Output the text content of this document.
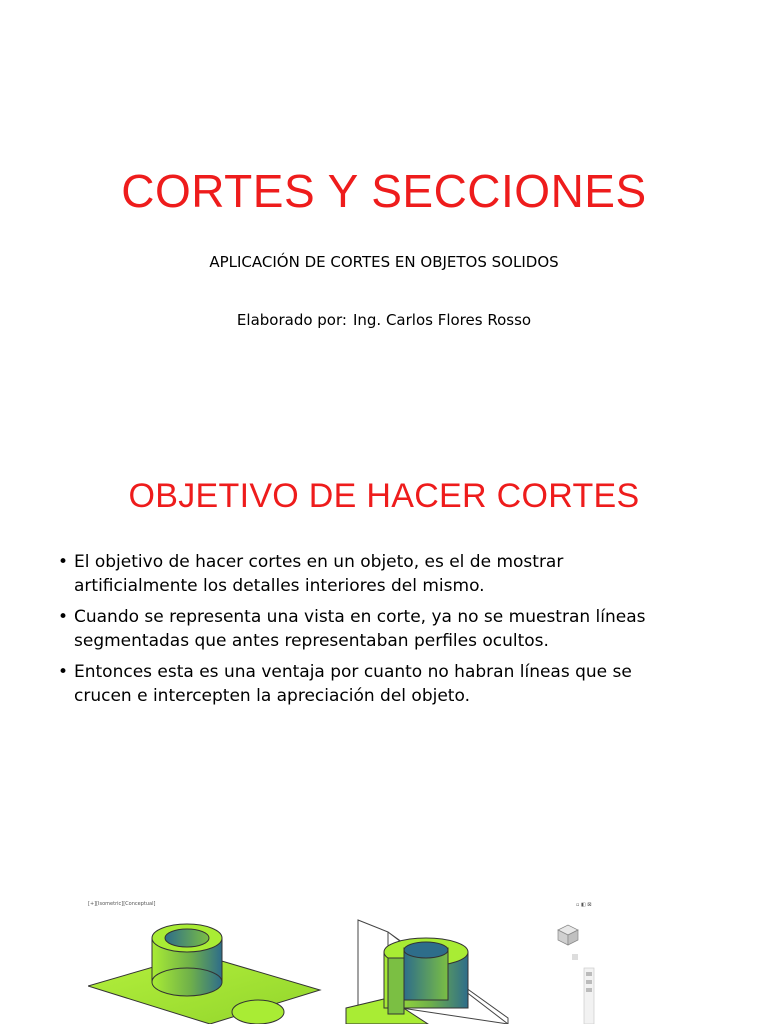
CORTES Y SECCIONES

APLICACIÓN DE CORTES EN OBJETOS SOLIDOS

Elaborado por: Ing. Carlos Flores Rosso

OBJETIVO DE HACER CORTES
• El objetivo de hacer cortes en un objeto, es el de mostrar
artificialmente los detalles interiores del mismo.
• Cuando se representa una vista en corte, ya no se muestran líneas
segmentadas que antes representaban perfiles ocultos.
• Entonces esta es una ventaja por cuanto no habran líneas que se
crucen e intercepten la apreciación del objeto.
[+][Isometric][Conceptual]	▫ ◧ ⊠
